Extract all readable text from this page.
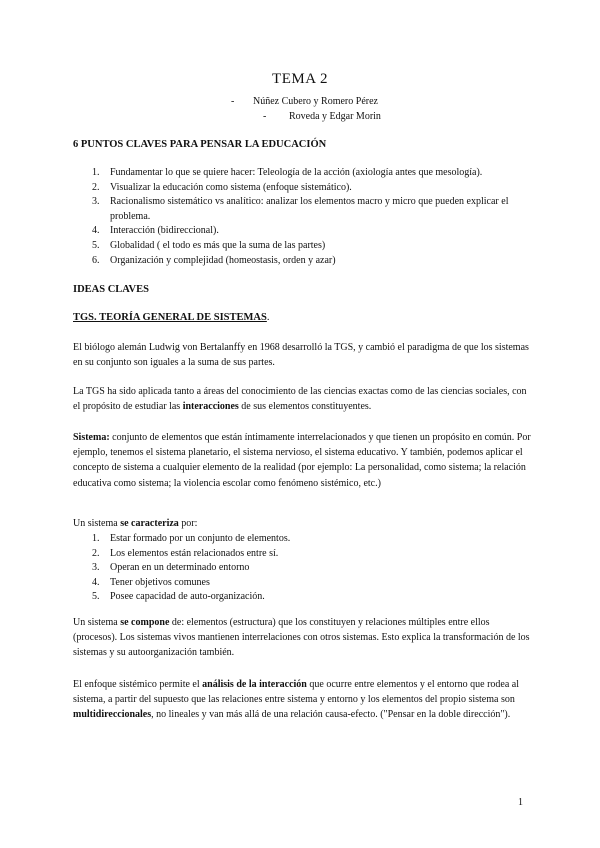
TEMA 2
- Núñez Cubero y Romero Pérez
- Roveda y Edgar Morin
6 PUNTOS CLAVES PARA PENSAR LA EDUCACIÓN
1. Fundamentar lo que se quiere hacer: Teleología de la acción (axiología antes que mesología).
2. Visualizar la educación como sistema (enfoque sistemático).
3. Racionalismo sistemático vs analítico: analizar los elementos macro y micro que pueden explicar el problema.
4. Interacción (bidireccional).
5. Globalidad ( el todo es más que la suma de las partes)
6. Organización y complejidad (homeostasis, orden y azar)
IDEAS CLAVES
TGS. TEORÍA GENERAL DE SISTEMAS.
El biólogo alemán Ludwig von Bertalanffy en 1968 desarrolló la TGS, y cambió el paradigma de que los sistemas en su conjunto son iguales a la suma de sus partes.
La TGS ha sido aplicada tanto a áreas del conocimiento de las ciencias exactas como de las ciencias sociales, con el propósito de estudiar las interacciones de sus elementos constituyentes.
Sistema: conjunto de elementos que están íntimamente interrelacionados y que tienen un propósito en común. Por ejemplo, tenemos el sistema planetario, el sistema nervioso, el sistema educativo. Y también, podemos aplicar el concepto de sistema a cualquier elemento de la realidad (por ejemplo: La personalidad, como sistema; la relación educativa como sistema; la violencia escolar como fenómeno sistémico, etc.)
Un sistema se caracteriza por:
1. Estar formado por un conjunto de elementos.
2. Los elementos están relacionados entre sí.
3. Operan en un determinado entorno
4. Tener objetivos comunes
5. Posee capacidad de auto-organización.
Un sistema se compone de: elementos (estructura) que los constituyen y relaciones múltiples entre ellos (procesos). Los sistemas vivos mantienen interrelaciones con otros sistemas. Esto explica la transformación de los sistemas y su autoorganización también.
El enfoque sistémico permite el análisis de la interacción que ocurre entre elementos y el entorno que rodea al sistema, a partir del supuesto que las relaciones entre sistema y entorno y los elementos del propio sistema son multidireccionales, no lineales y van más allá de una relación causa-efecto. ("Pensar en la doble dirección").
1
